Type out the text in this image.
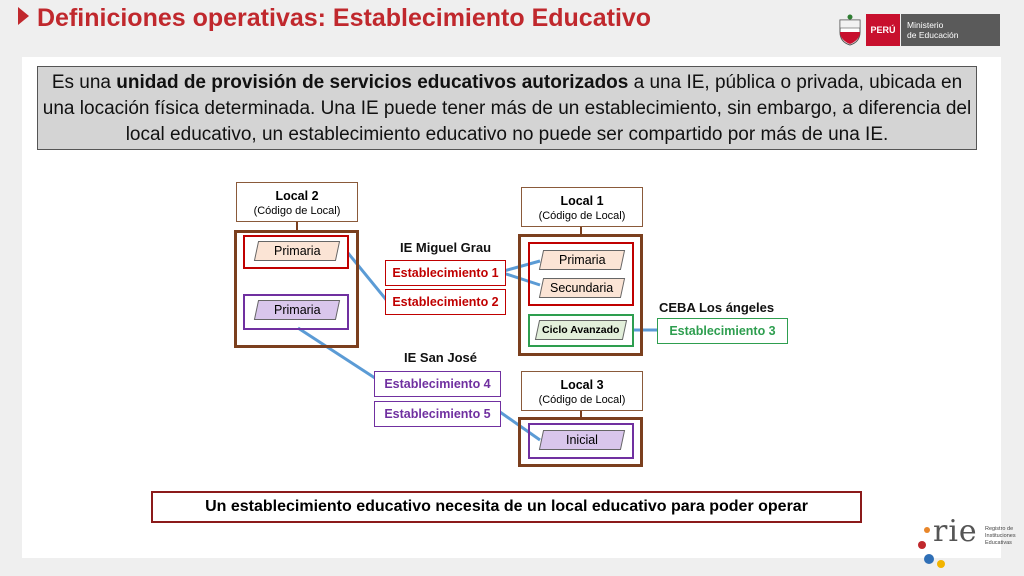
Definiciones operativas: Establecimiento Educativo	PERÚ Ministerio
de Educación
Es una unidad de provisión de servicios educativos autorizados a una IE, pública o privada, ubicada en una locación física determinada. Una IE puede tener más de un establecimiento, sin embargo, a diferencia del local educativo, un establecimiento educativo no puede ser compartido por más de una IE.
Local 2
(Código de Local)
Primaria
Primaria
Local 1
(Código de Local)
Primaria
Secundaria
Ciclo Avanzado
Local 3
(Código de Local)
Inicial
IE Miguel Grau
Establecimiento 1
Establecimiento 2	CEBA Los ángeles
Establecimiento 3
IE San José
Establecimiento 4
Establecimiento 5
Un establecimiento educativo necesita de un local educativo para poder operar
rie Registro de
Instituciones
Educativas
